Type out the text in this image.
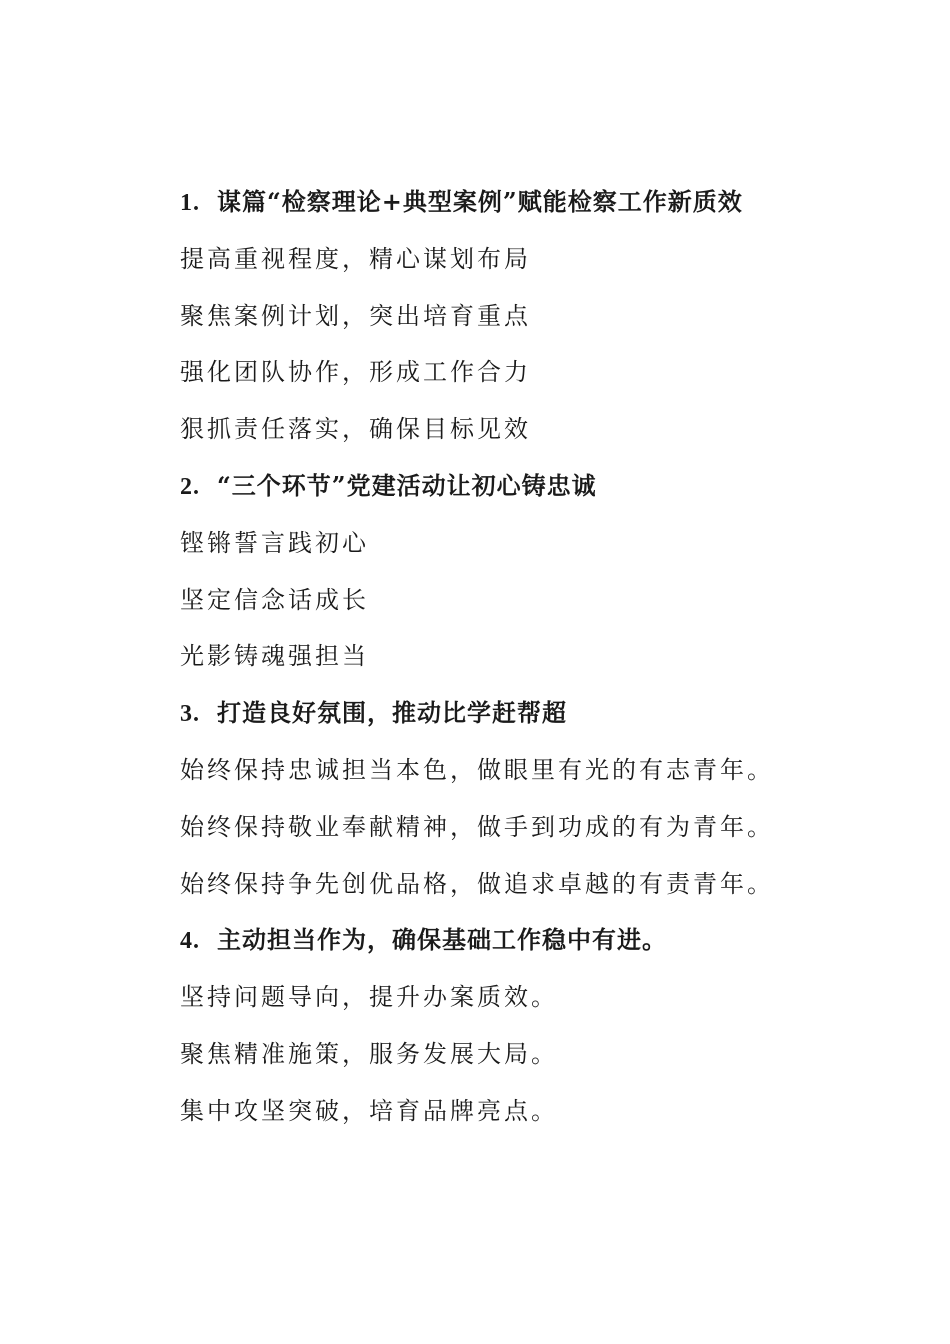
1. 谋篇“检察理论+典型案例”赋能检察工作新质效
提高重视程度，精心谋划布局
聚焦案例计划，突出培育重点
强化团队协作，形成工作合力
狠抓责任落实，确保目标见效
2. “三个环节”党建活动让初心铸忠诚
铿锵誓言践初心
坚定信念话成长
光影铸魂强担当
3. 打造良好氛围，推动比学赶帮超
始终保持忠诚担当本色，做眼里有光的有志青年。
始终保持敬业奉献精神，做手到功成的有为青年。
始终保持争先创优品格，做追求卓越的有责青年。
4. 主动担当作为，确保基础工作稳中有进。
坚持问题导向，提升办案质效。
聚焦精准施策，服务发展大局。
集中攻坚突破，培育品牌亮点。
